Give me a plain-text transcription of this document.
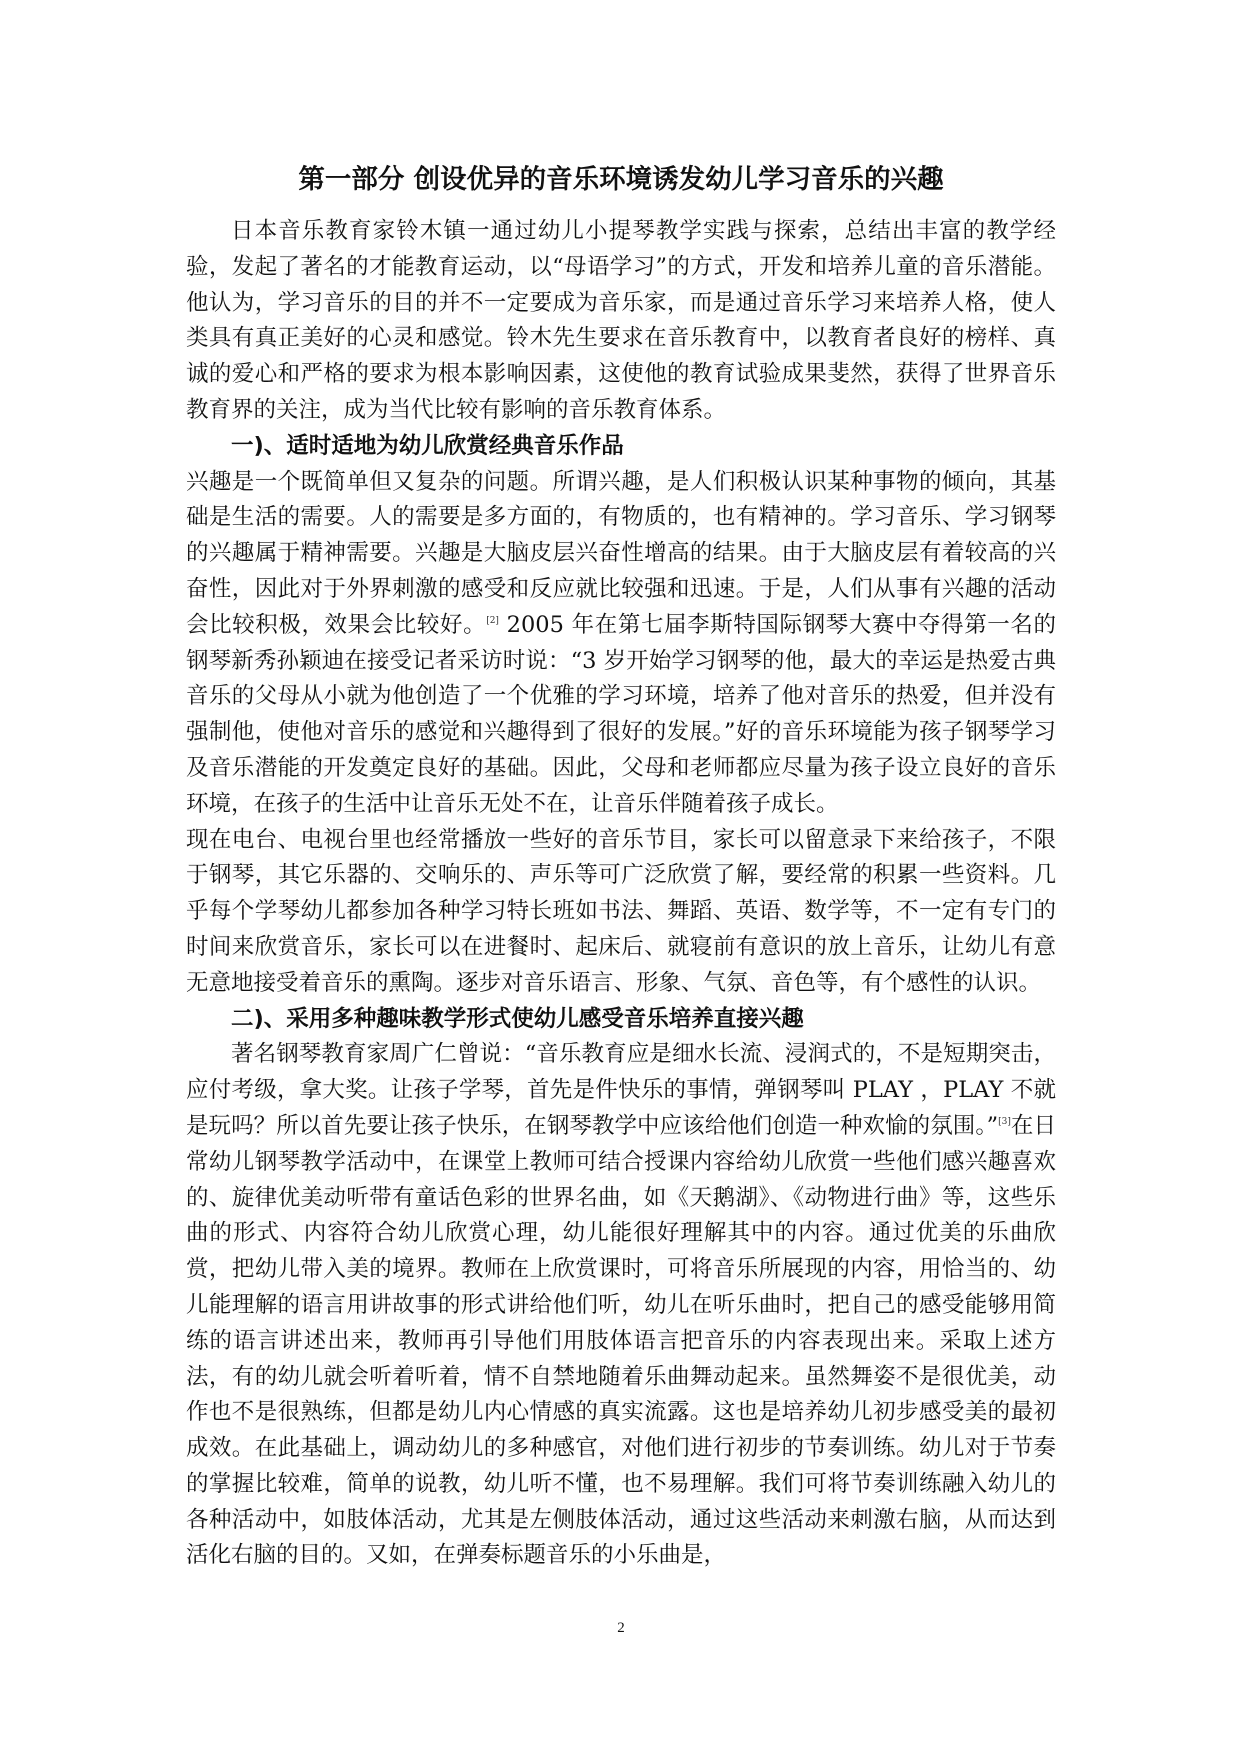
第一部分 创设优异的音乐环境诱发幼儿学习音乐的兴趣

日本音乐教育家铃木镇一通过幼儿小提琴教学实践与探索，总结出丰富的教学经验，发起了著名的才能教育运动，以“母语学习”的方式，开发和培养儿童的音乐潜能。他认为，学习音乐的目的并不一定要成为音乐家，而是通过音乐学习来培养人格，使人类具有真正美好的心灵和感觉。铃木先生要求在音乐教育中，以教育者良好的榜样、真诚的爱心和严格的要求为根本影响因素，这使他的教育试验成果斐然，获得了世界音乐教育界的关注，成为当代比较有影响的音乐教育体系。

一)、适时适地为幼儿欣赏经典音乐作品

兴趣是一个既简单但又复杂的问题。所谓兴趣，是人们积极认识某种事物的倾向，其基础是生活的需要。人的需要是多方面的，有物质的，也有精神的。学习音乐、学习钢琴的兴趣属于精神需要。兴趣是大脑皮层兴奋性增高的结果。由于大脑皮层有着较高的兴奋性，因此对于外界刺激的感受和反应就比较强和迅速。于是，人们从事有兴趣的活动会比较积极，效果会比较好。[2] 2005 年在第七届李斯特国际钢琴大赛中夺得第一名的钢琴新秀孙颖迪在接受记者采访时说：“3 岁开始学习钢琴的他，最大的幸运是热爱古典音乐的父母从小就为他创造了一个优雅的学习环境，培养了他对音乐的热爱，但并没有强制他，使他对音乐的感觉和兴趣得到了很好的发展。”好的音乐环境能为孩子钢琴学习及音乐潜能的开发奠定良好的基础。因此，父母和老师都应尽量为孩子设立良好的音乐环境，在孩子的生活中让音乐无处不在，让音乐伴随着孩子成长。

现在电台、电视台里也经常播放一些好的音乐节目，家长可以留意录下来给孩子，不限于钢琴，其它乐器的、交响乐的、声乐等可广泛欣赏了解，要经常的积累一些资料。几乎每个学琴幼儿都参加各种学习特长班如书法、舞蹈、英语、数学等，不一定有专门的时间来欣赏音乐，家长可以在进餐时、起床后、就寝前有意识的放上音乐，让幼儿有意无意地接受着音乐的熏陶。逐步对音乐语言、形象、气氛、音色等，有个感性的认识。

二)、采用多种趣味教学形式使幼儿感受音乐培养直接兴趣

著名钢琴教育家周广仁曾说：“音乐教育应是细水长流、浸润式的，不是短期突击，应付考级，拿大奖。让孩子学琴，首先是件快乐的事情，弹钢琴叫 PLAY ，PLAY 不就是玩吗？所以首先要让孩子快乐，在钢琴教学中应该给他们创造一种欢愉的氛围。”[3]在日常幼儿钢琴教学活动中，在课堂上教师可结合授课内容给幼儿欣赏一些他们感兴趣喜欢的、旋律优美动听带有童话色彩的世界名曲，如《天鹅湖》、《动物进行曲》等，这些乐曲的形式、内容符合幼儿欣赏心理，幼儿能很好理解其中的内容。通过优美的乐曲欣赏，把幼儿带入美的境界。教师在上欣赏课时，可将音乐所展现的内容，用恰当的、幼儿能理解的语言用讲故事的形式讲给他们听，幼儿在听乐曲时，把自己的感受能够用简练的语言讲述出来，教师再引导他们用肢体语言把音乐的内容表现出来。采取上述方法，有的幼儿就会听着听着，情不自禁地随着乐曲舞动起来。虽然舞姿不是很优美，动作也不是很熟练，但都是幼儿内心情感的真实流露。这也是培养幼儿初步感受美的最初成效。在此基础上，调动幼儿的多种感官，对他们进行初步的节奏训练。幼儿对于节奏的掌握比较难，简单的说教，幼儿听不懂，也不易理解。我们可将节奏训练融入幼儿的各种活动中，如肢体活动，尤其是左侧肢体活动，通过这些活动来刺激右脑，从而达到活化右脑的目的。又如，在弹奏标题音乐的小乐曲是，

2
